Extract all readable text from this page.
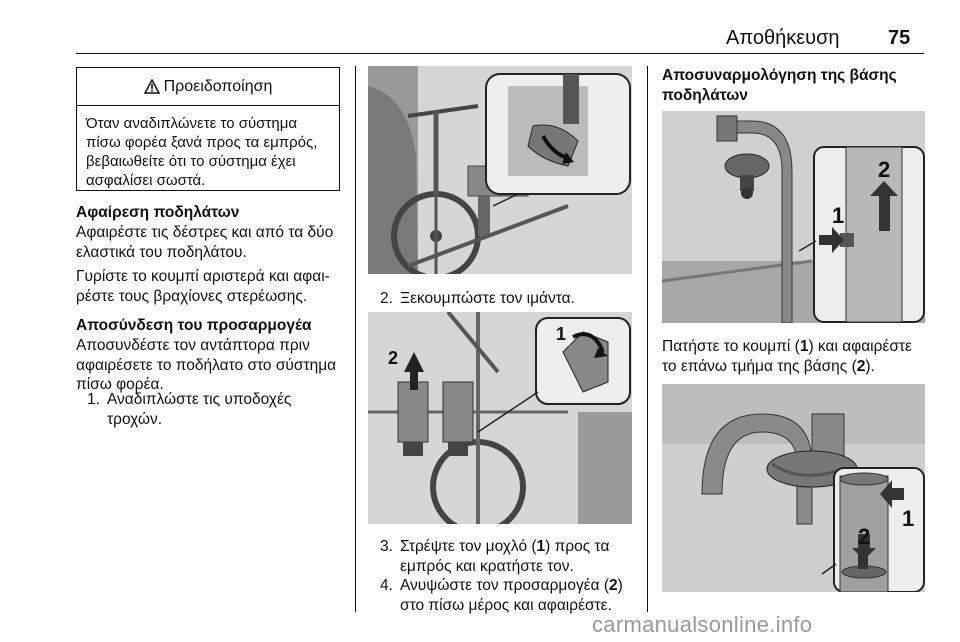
Αποθήκευση 75
Προειδοποίηση
Όταν αναδιπλώνετε το σύστημα πίσω φορέα ξανά προς τα εμπρός, βεβαιωθείτε ότι το σύστημα έχει ασφαλίσει σωστά.
Αφαίρεση ποδηλάτων

Αφαιρέστε τις δέστρες και από τα δύο ελαστικά του ποδηλάτου.

Γυρίστε το κουμπί αριστερά και αφαι- ρέστε τους βραχίονες στερέωσης.

Αποσύνδεση του προσαρμογέα

Αποσυνδέστε τον αντάπτορα πριν αφαιρέσετε το ποδήλατο στο σύστημα πίσω φορέα.

1. Αναδιπλώστε τις υποδοχές τροχών.
2. Ξεκουμπώστε τον ιμάντα.
1
2
3. Στρέψτε τον μοχλό (1) προς τα εμπρός και κρατήστε τον.
4. Ανυψώστε τον προσαρμογέα (2) στο πίσω μέρος και αφαιρέστε.
Αποσυναρμολόγηση της βάσης ποδηλάτων
2
1

Πατήστε το κουμπί (1) και αφαιρέστε το επάνω τμήμα της βάσης (2).

1
2
carmanualsonline.info
